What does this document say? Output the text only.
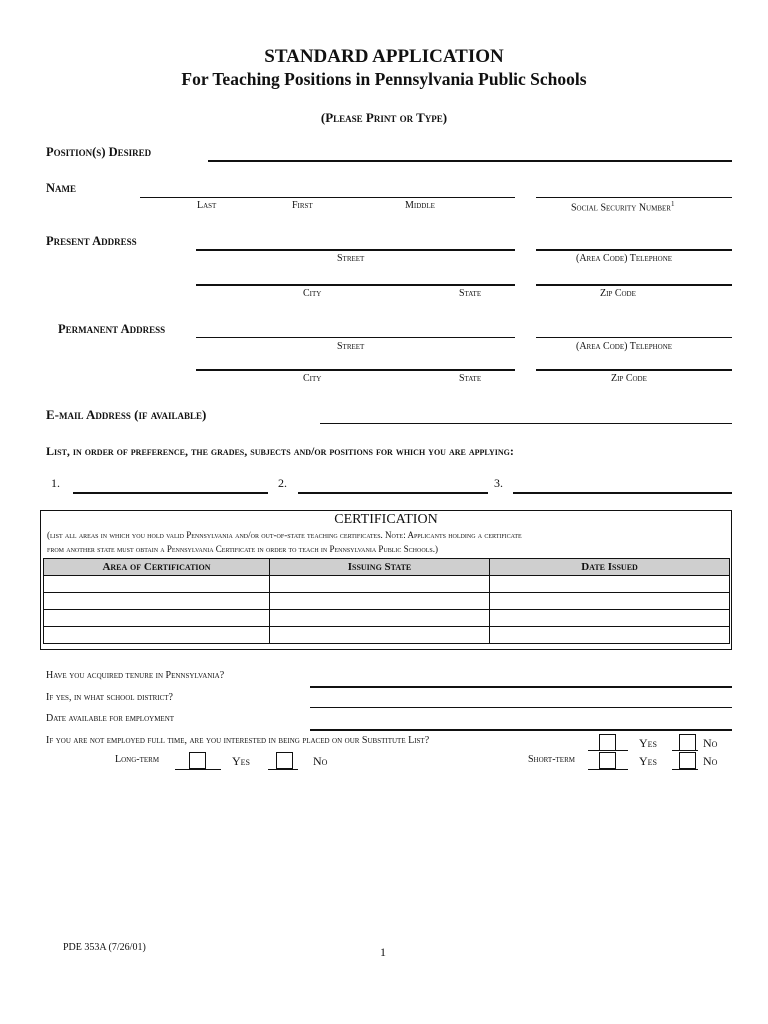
STANDARD APPLICATION
For Teaching Positions in Pennsylvania Public Schools
(Please Print or Type)
Position(s) Desired
Name
Last	First	Middle	Social Security Number$^1$
Present Address
Street	(Area Code) Telephone
City	State	Zip Code
Permanent Address
Street	(Area Code) Telephone
City	State	Zip Code
E-mail Address (if available)
List, in order of preference, the grades, subjects and/or positions for which you are applying:
1.	2.	3.
CERTIFICATION
(list all areas in which you hold valid Pennsylvania and/or out-of-state teaching certificates. Note: Applicants holding a certificate
from another state must obtain a Pennsylvania Certificate in order to teach in Pennsylvania Public Schools.)
Area of Certification	Issuing State	Date Issued

Have you acquired tenure in Pennsylvania?
If yes, in what school district?
Date available for employment
If you are not employed full time, are you interested in being placed on our Substitute List?	Yes	No
Long-term	Yes	No	Short-term	Yes	No
PDE 353A (7/26/01)	1
